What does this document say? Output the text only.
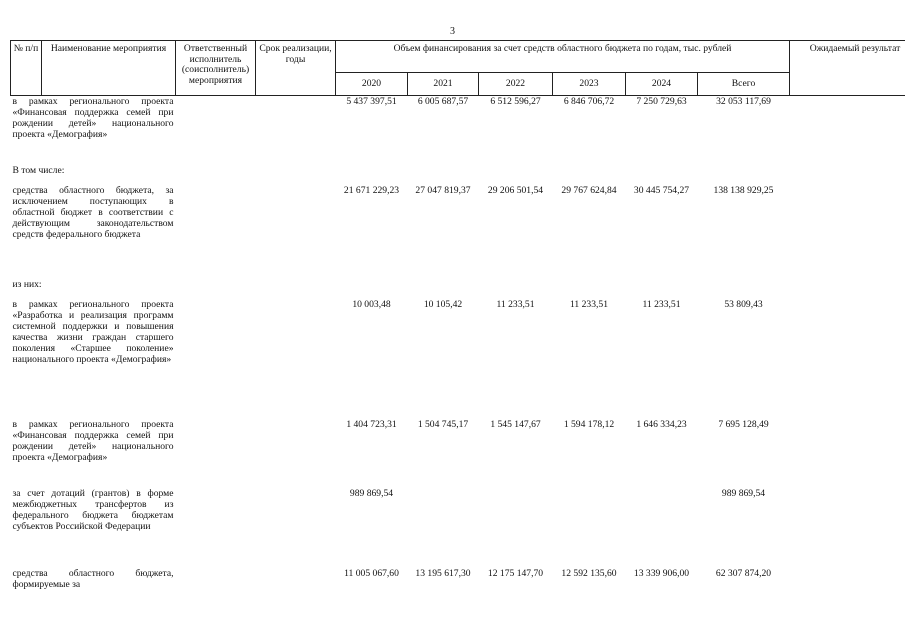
3
№ п/п	Наименование мероприятия	Ответственный исполнитель (соисполнитель) мероприятия	Срок реализации, годы	Объем финансирования за счет средств областного бюджета по годам, тыс. рублей						Ожидаемый результат
				2020	2021	2022	2023	2024	Всего	
в рамках регионального проекта «Финансовая поддержка семей при рождении детей» национального проекта «Демография»				5 437 397,51	6 005 687,57	6 512 596,27	6 846 706,72	7 250 729,63	32 053 117,69	
В том числе:										
средства областного бюджета, за исключением поступающих в областной бюджет в соответствии с действующим законодательством средств федерального бюджета				21 671 229,23	27 047 819,37	29 206 501,54	29 767 624,84	30 445 754,27	138 138 929,25	
из них:										
в рамках регионального проекта «Разработка и реализация программ системной поддержки и повышения качества жизни граждан старшего поколения «Старшее поколение» национального проекта «Демография»				10 003,48	10 105,42	11 233,51	11 233,51	11 233,51	53 809,43	
в рамках регионального проекта «Финансовая поддержка семей при рождении детей» национального проекта «Демография»				1 404 723,31	1 504 745,17	1 545 147,67	1 594 178,12	1 646 334,23	7 695 128,49	
за счет дотаций (грантов) в форме межбюджетных трансфертов из федерального бюджета бюджетам субъектов Российской Федерации				989 869,54					989 869,54	
средства областного бюджета, формируемые за				11 005 067,60	13 195 617,30	12 175 147,70	12 592 135,60	13 339 906,00	62 307 874,20	
